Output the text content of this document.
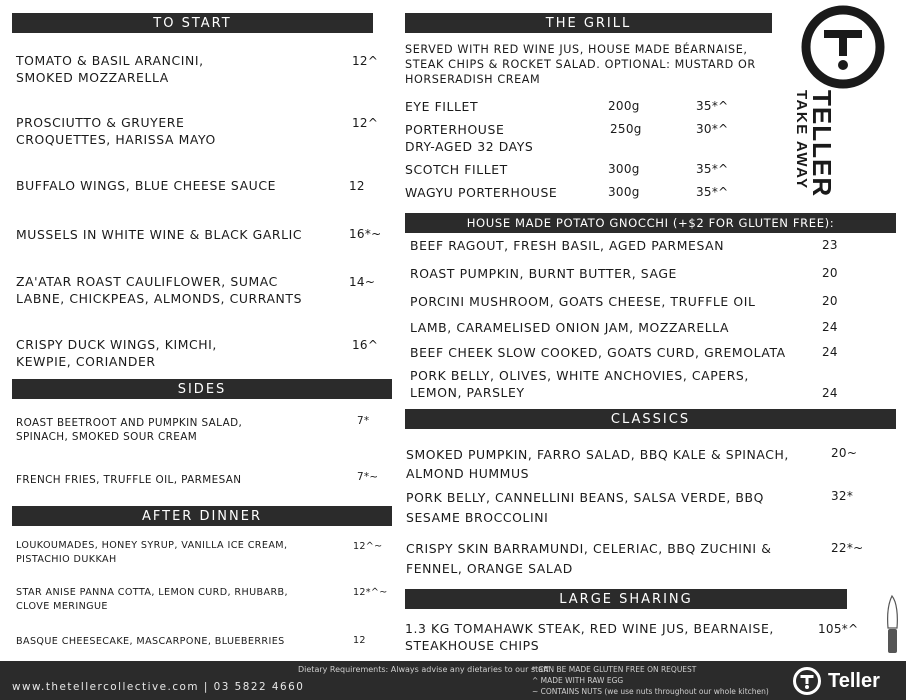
TO START
TOMATO & BASIL ARANCINI,
SMOKED MOZZARELLA
12^
PROSCIUTTO & GRUYERE
CROQUETTES, HARISSA MAYO
12^
BUFFALO WINGS, BLUE CHEESE SAUCE	12
MUSSELS IN WHITE WINE & BLACK GARLIC	16*~
ZA'ATAR ROAST CAULIFLOWER, SUMAC
LABNE, CHICKPEAS, ALMONDS, CURRANTS
14~
CRISPY DUCK WINGS, KIMCHI,
KEWPIE, CORIANDER
16^
SIDES
ROAST BEETROOT AND PUMPKIN SALAD,
SPINACH, SMOKED SOUR CREAM
7*
FRENCH FRIES, TRUFFLE OIL, PARMESAN	7*~
AFTER DINNER
LOUKOUMADES, HONEY SYRUP, VANILLA ICE CREAM,
PISTACHIO DUKKAH
12^~
STAR ANISE PANNA COTTA, LEMON CURD, RHUBARB,
CLOVE MERINGUE
12*^~
BASQUE CHEESECAKE, MASCARPONE, BLUEBERRIES	12
THE GRILL
SERVED WITH RED WINE JUS, HOUSE MADE BÉARNAISE,
STEAK CHIPS & ROCKET SALAD. OPTIONAL: MUSTARD OR
HORSERADISH CREAM
EYE FILLET	200g	35*^
PORTERHOUSE
DRY-AGED 32 DAYS
250g	30*^
SCOTCH FILLET	300g	35*^
WAGYU PORTERHOUSE	300g	35*^
HOUSE MADE POTATO GNOCCHI (+$2 FOR GLUTEN FREE):
BEEF RAGOUT, FRESH BASIL, AGED PARMESAN	23
ROAST PUMPKIN, BURNT BUTTER, SAGE	20
PORCINI MUSHROOM, GOATS CHEESE, TRUFFLE OIL	20
LAMB, CARAMELISED ONION JAM, MOZZARELLA	24
BEEF CHEEK SLOW COOKED, GOATS CURD, GREMOLATA	24
PORK BELLY, OLIVES, WHITE ANCHOVIES, CAPERS,
LEMON, PARSLEY	24
CLASSICS
SMOKED PUMPKIN, FARRO SALAD, BBQ KALE & SPINACH,
ALMOND HUMMUS
20~
PORK BELLY, CANNELLINI BEANS, SALSA VERDE, BBQ
SESAME BROCCOLINI
32*
CRISPY SKIN BARRAMUNDI, CELERIAC, BBQ ZUCHINI &
FENNEL, ORANGE SALAD
22*~
LARGE SHARING
1.3 KG TOMAHAWK STEAK, RED WINE JUS, BEARNAISE,
STEAKHOUSE CHIPS
105*^
TELLER
TAKE AWAY
www.thetellercollective.com | 03 5822 4660
Dietary Requirements: Always advise any dietaries to our staff
* CAN BE MADE GLUTEN FREE ON REQUEST
^ MADE WITH RAW EGG
~ CONTAINS NUTS (we use nuts throughout our whole kitchen)	Teller
